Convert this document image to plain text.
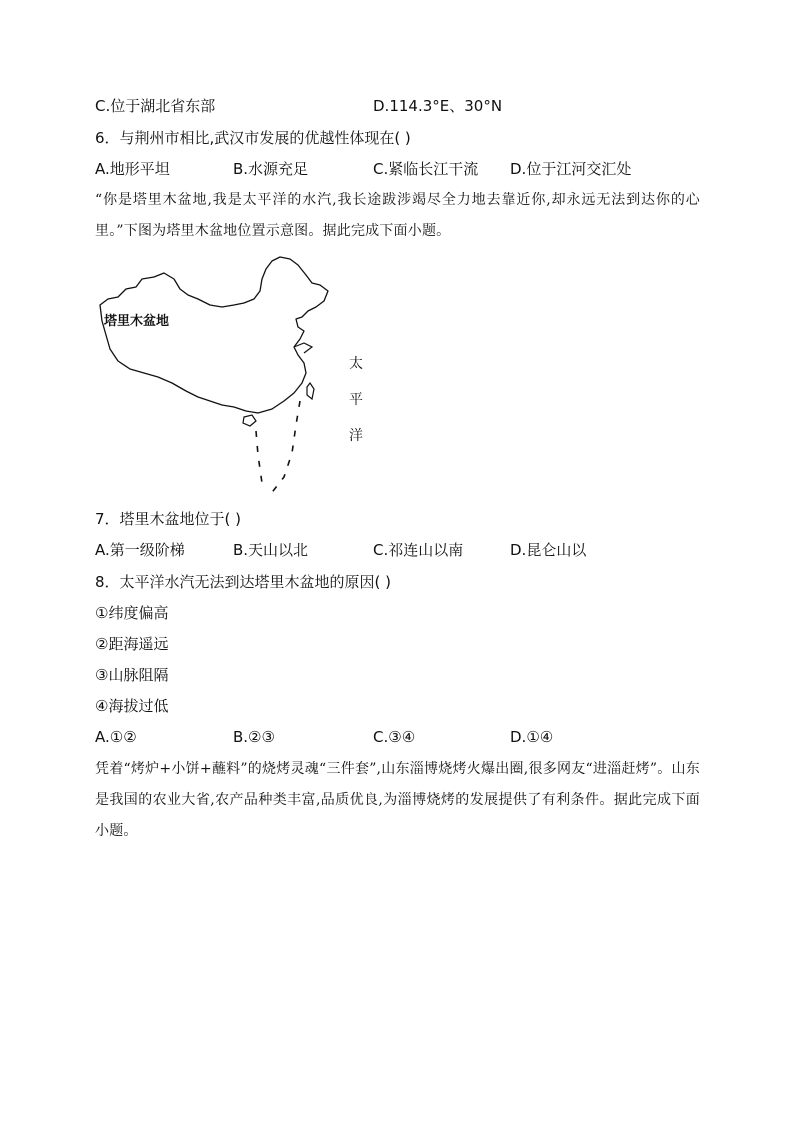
C.位于湖北省东部	D.114.3°E、30°N
6．与荆州市相比,武汉市发展的优越性体现在( )
A.地形平坦	B.水源充足	C.紧临长江干流 D.位于江河交汇处
“你是塔里木盆地,我是太平洋的水汽,我长途跋涉竭尽全力地去靠近你,却永远无法到达你的心里。”下图为塔里木盆地位置示意图。据此完成下面小题。
塔里木盆地
太
平
洋
7．塔里木盆地位于( )
A.第一级阶梯	B.天山以北	C.祁连山以南	D.昆仑山以
8．太平洋水汽无法到达塔里木盆地的原因( )
①纬度偏高
②距海遥远
③山脉阻隔
④海拔过低
A.①②	B.②③	C.③④	D.①④
凭着“烤炉+小饼+蘸料”的烧烤灵魂“三件套”,山东淄博烧烤火爆出圈,很多网友“进淄赶烤”。山东是我国的农业大省,农产品种类丰富,品质优良,为淄博烧烤的发展提供了有利条件。据此完成下面小题。
